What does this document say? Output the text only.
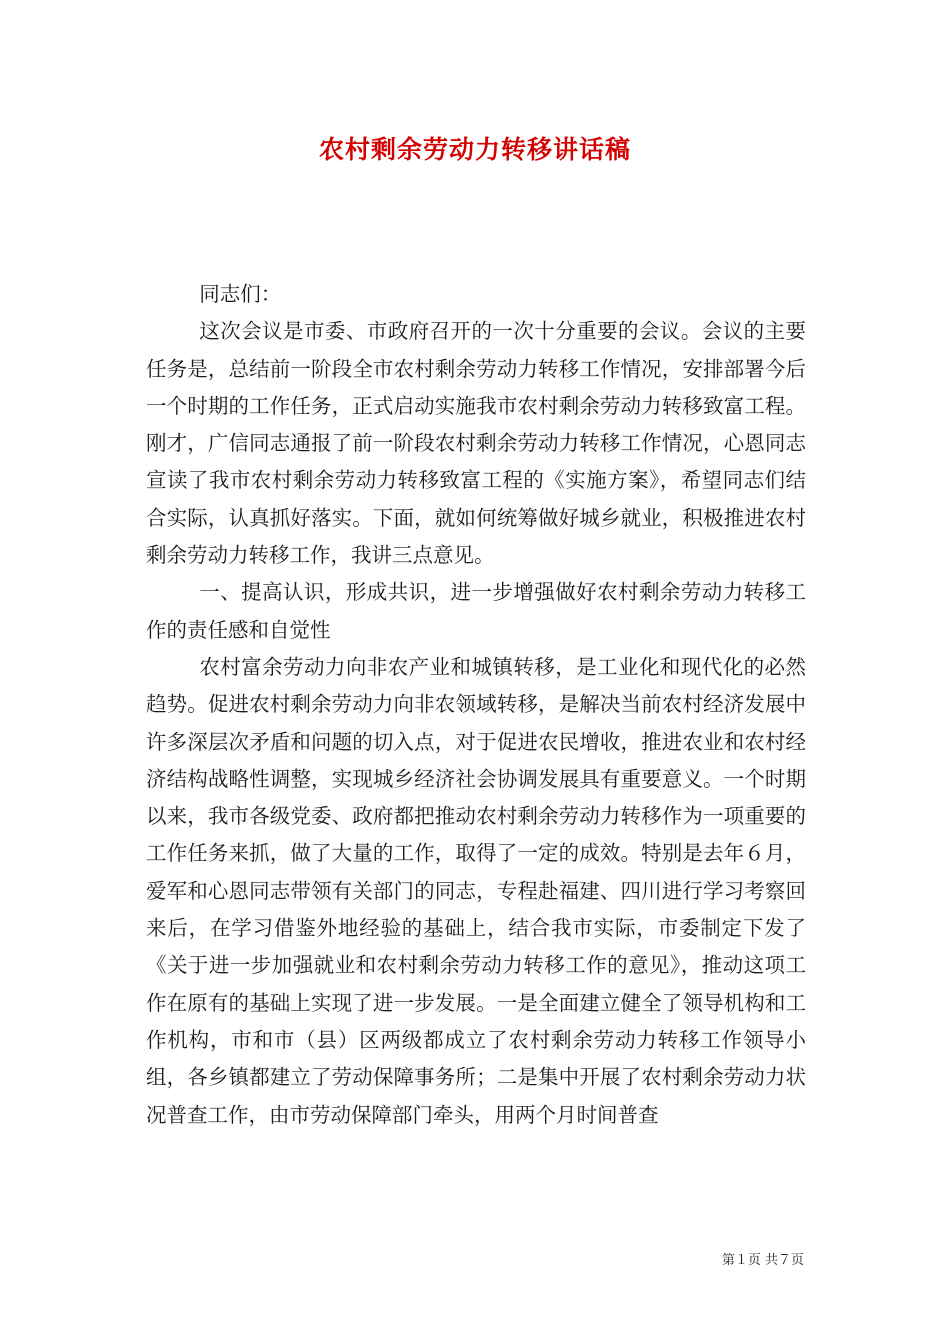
农村剩余劳动力转移讲话稿

同志们：

这次会议是市委、市政府召开的一次十分重要的会议。会议的主要任务是，总结前一阶段全市农村剩余劳动力转移工作情况，安排部署今后一个时期的工作任务，正式启动实施我市农村剩余劳动力转移致富工程。刚才，广信同志通报了前一阶段农村剩余劳动力转移工作情况，心恩同志宣读了我市农村剩余劳动力转移致富工程的《实施方案》，希望同志们结合实际，认真抓好落实。下面，就如何统筹做好城乡就业，积极推进农村剩余劳动力转移工作，我讲三点意见。

一、提高认识，形成共识，进一步增强做好农村剩余劳动力转移工作的责任感和自觉性

农村富余劳动力向非农产业和城镇转移，是工业化和现代化的必然趋势。促进农村剩余劳动力向非农领域转移，是解决当前农村经济发展中许多深层次矛盾和问题的切入点，对于促进农民增收，推进农业和农村经济结构战略性调整，实现城乡经济社会协调发展具有重要意义。一个时期以来，我市各级党委、政府都把推动农村剩余劳动力转移作为一项重要的工作任务来抓，做了大量的工作，取得了一定的成效。特别是去年６月，爱军和心恩同志带领有关部门的同志，专程赴福建、四川进行学习考察回来后，在学习借鉴外地经验的基础上，结合我市实际，市委制定下发了《关于进一步加强就业和农村剩余劳动力转移工作的意见》，推动这项工作在原有的基础上实现了进一步发展。一是全面建立健全了领导机构和工作机构，市和市（县）区两级都成立了农村剩余劳动力转移工作领导小组，各乡镇都建立了劳动保障事务所；二是集中开展了农村剩余劳动力状况普查工作，由市劳动保障部门牵头，用两个月时间普查

第１页 共７页
